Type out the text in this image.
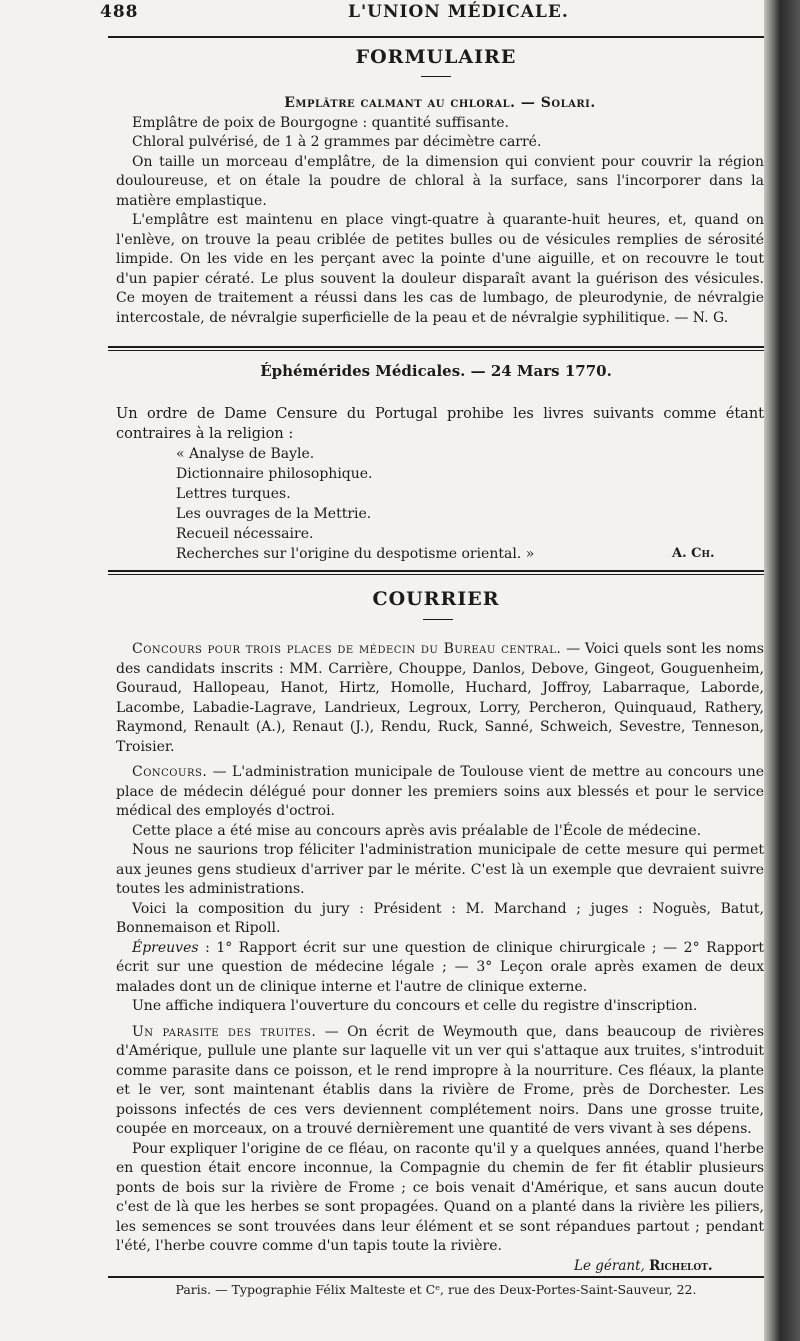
488	L'UNION MÉDICALE.
FORMULAIRE

Emplâtre calmant au chloral. — Solari.

Emplâtre de poix de Bourgogne : quantité suffisante.

Chloral pulvérisé, de 1 à 2 grammes par décimètre carré.

On taille un morceau d'emplâtre, de la dimension qui convient pour couvrir la région douloureuse, et on étale la poudre de chloral à la surface, sans l'incorporer dans la matière emplastique.

L'emplâtre est maintenu en place vingt-quatre à quarante-huit heures, et, quand on l'enlève, on trouve la peau criblée de petites bulles ou de vésicules remplies de sérosité limpide. On les vide en les perçant avec la pointe d'une aiguille, et on recouvre le tout d'un papier cératé. Le plus souvent la douleur disparaît avant la guérison des vésicules. Ce moyen de traitement a réussi dans les cas de lumbago, de pleurodynie, de névralgie intercostale, de névralgie superficielle de la peau et de névralgie syphilitique. — N. G.

Éphémérides Médicales. — 24 Mars 1770.

Un ordre de Dame Censure du Portugal prohibe les livres suivants comme étant contraires à la religion :

« Analyse de Bayle.
Dictionnaire philosophique.
Lettres turques.
Les ouvrages de la Mettrie.
Recueil nécessaire.
Recherches sur l'origine du despotisme oriental. »	A. Ch.
COURRIER

Concours pour trois places de médecin du Bureau central. — Voici quels sont les noms des candidats inscrits : MM. Carrière, Chouppe, Danlos, Debove, Gingeot, Gouguenheim, Gouraud, Hallopeau, Hanot, Hirtz, Homolle, Huchard, Joffroy, Labarraque, Laborde, Lacombe, Labadie-Lagrave, Landrieux, Legroux, Lorry, Percheron, Quinquaud, Rathery, Raymond, Renault (A.), Renaut (J.), Rendu, Ruck, Sanné, Schweich, Sevestre, Tenneson, Troisier.

Concours. — L'administration municipale de Toulouse vient de mettre au concours une place de médecin délégué pour donner les premiers soins aux blessés et pour le service médical des employés d'octroi.

Cette place a été mise au concours après avis préalable de l'École de médecine.

Nous ne saurions trop féliciter l'administration municipale de cette mesure qui permet aux jeunes gens studieux d'arriver par le mérite. C'est là un exemple que devraient suivre toutes les administrations.

Voici la composition du jury : Président : M. Marchand ; juges : Noguès, Batut, Bonnemaison et Ripoll.

Épreuves : 1° Rapport écrit sur une question de clinique chirurgicale ; — 2° Rapport écrit sur une question de médecine légale ; — 3° Leçon orale après examen de deux malades dont un de clinique interne et l'autre de clinique externe.

Une affiche indiquera l'ouverture du concours et celle du registre d'inscription.

Un parasite des truites. — On écrit de Weymouth que, dans beaucoup de rivières d'Amérique, pullule une plante sur laquelle vit un ver qui s'attaque aux truites, s'introduit comme parasite dans ce poisson, et le rend impropre à la nourriture. Ces fléaux, la plante et le ver, sont maintenant établis dans la rivière de Frome, près de Dorchester. Les poissons infectés de ces vers deviennent complétement noirs. Dans une grosse truite, coupée en morceaux, on a trouvé dernièrement une quantité de vers vivant à ses dépens.

Pour expliquer l'origine de ce fléau, on raconte qu'il y a quelques années, quand l'herbe en question était encore inconnue, la Compagnie du chemin de fer fit établir plusieurs ponts de bois sur la rivière de Frome ; ce bois venait d'Amérique, et sans aucun doute c'est de là que les herbes se sont propagées. Quand on a planté dans la rivière les piliers, les semences se sont trouvées dans leur élément et se sont répandues partout ; pendant l'été, l'herbe couvre comme d'un tapis toute la rivière.

Le gérant, Richelot.
Paris. — Typographie Félix Malteste et Cᵉ, rue des Deux-Portes-Saint-Sauveur, 22.
